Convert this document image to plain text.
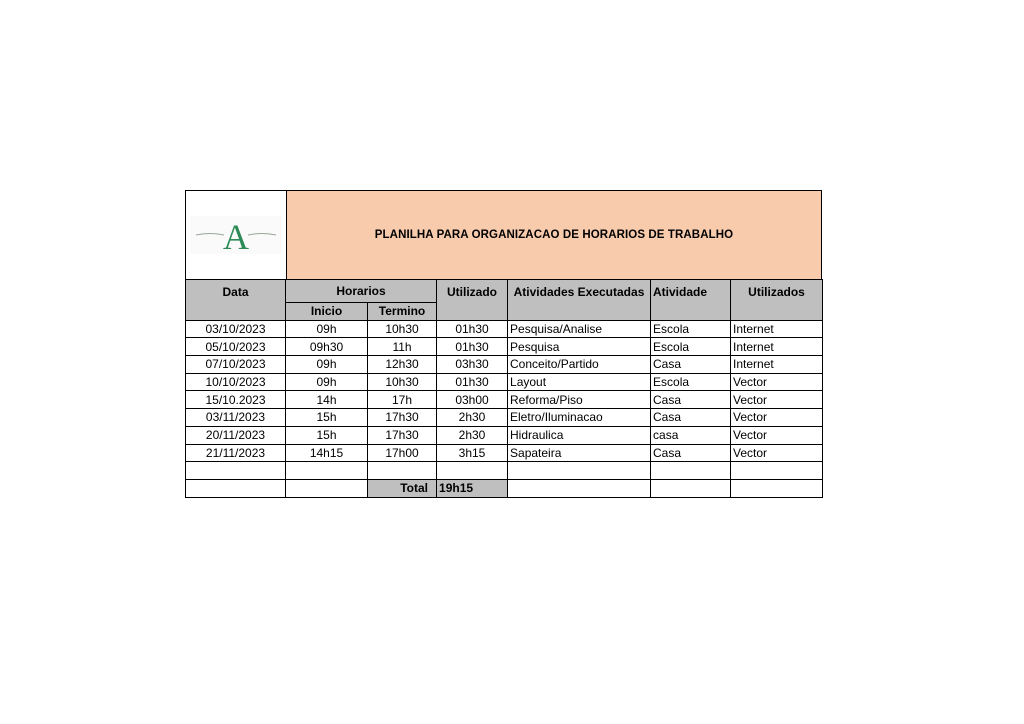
A	PLANILHA PARA ORGANIZACAO DE HORARIOS DE TRABALHO
Data	Horarios		Utilizado	Atividades Executadas	Atividade	Utilizados
	Inicio	Termino				
03/10/2023	09h	10h30	01h30	Pesquisa/Analise	Escola	Internet
05/10/2023	09h30	11h	01h30	Pesquisa	Escola	Internet
07/10/2023	09h	12h30	03h30	Conceito/Partido	Casa	Internet
10/10/2023	09h	10h30	01h30	Layout	Escola	Vector
15/10.2023	14h	17h	03h00	Reforma/Piso	Casa	Vector
03/11/2023	15h	17h30	2h30	Eletro/Iluminacao	Casa	Vector
20/11/2023	15h	17h30	2h30	Hidraulica	casa	Vector
21/11/2023	14h15	17h00	3h15	Sapateira	Casa	Vector

		Total	19h15			
